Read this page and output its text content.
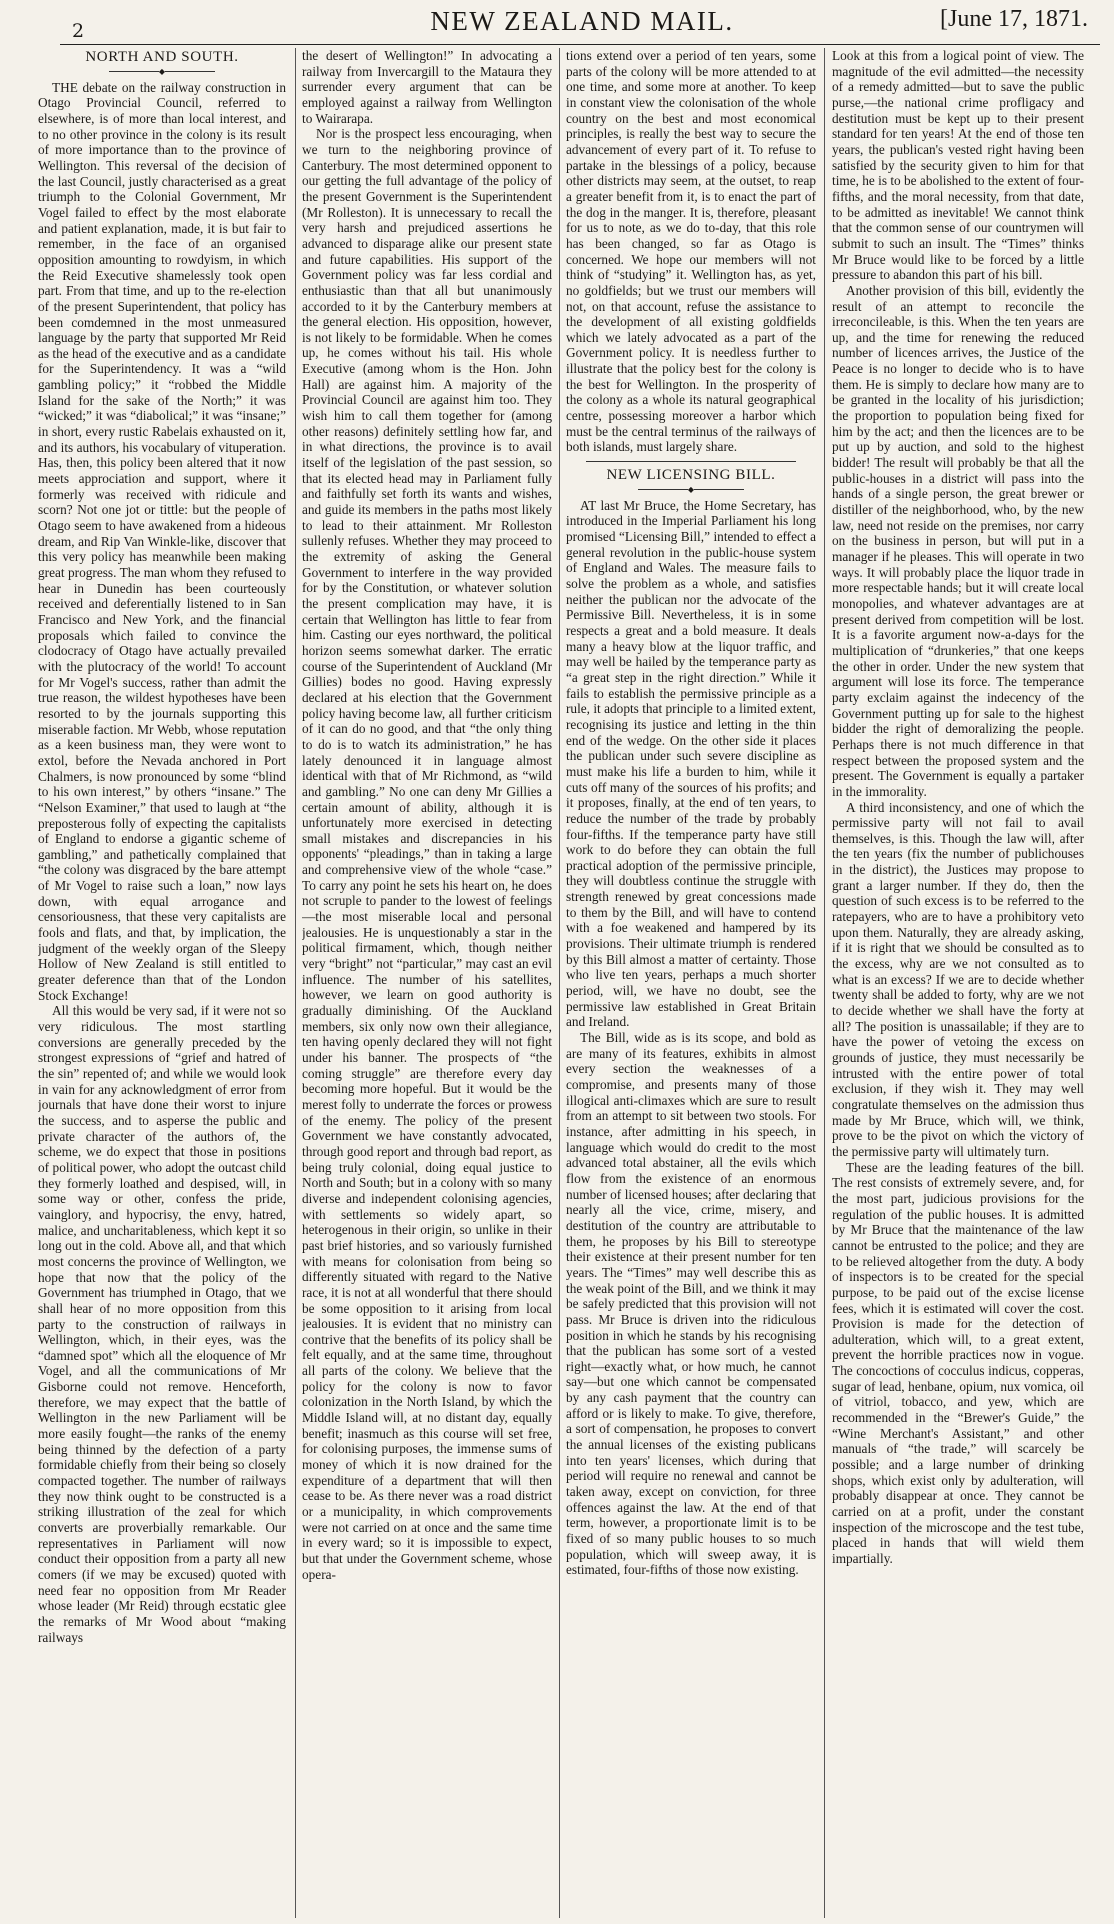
2	NEW ZEALAND MAIL.	[June 17, 1871.
NORTH AND SOUTH.
◆

THE debate on the railway construction in Otago Provincial Council, referred to elsewhere, is of more than local interest, and to no other province in the colony is its result of more importance than to the province of Wellington. This reversal of the decision of the last Council, justly characterised as a great triumph to the Colonial Government, Mr Vogel failed to effect by the most elaborate and patient explanation, made, it is but fair to remember, in the face of an organised opposition amounting to rowdyism, in which the Reid Executive shamelessly took open part. From that time, and up to the re-election of the present Superintendent, that policy has been comdemned in the most unmeasured language by the party that supported Mr Reid as the head of the executive and as a candidate for the Superintendency. It was a “wild gambling policy;” it “robbed the Middle Island for the sake of the North;” it was “wicked;” it was “diabolical;” it was “insane;” in short, every rustic Rabelais exhausted on it, and its authors, his vocabulary of vituperation. Has, then, this policy been altered that it now meets approciation and support, where it formerly was received with ridicule and scorn? Not one jot or tittle: but the people of Otago seem to have awakened from a hideous dream, and Rip Van Winkle-like, discover that this very policy has meanwhile been making great progress. The man whom they refused to hear in Dunedin has been courteously received and deferentially listened to in San Francisco and New York, and the financial proposals which failed to convince the clodocracy of Otago have actually prevailed with the plutocracy of the world! To account for Mr Vogel's success, rather than admit the true reason, the wildest hypotheses have been resorted to by the journals supporting this miserable faction. Mr Webb, whose reputation as a keen business man, they were wont to extol, before the Nevada anchored in Port Chalmers, is now pronounced by some “blind to his own interest,” by others “insane.” The “Nelson Examiner,” that used to laugh at “the preposterous folly of expecting the capitalists of England to endorse a gigantic scheme of gambling,” and pathetically complained that “the colony was disgraced by the bare attempt of Mr Vogel to raise such a loan,” now lays down, with equal arrogance and censoriousness, that these very capitalists are fools and flats, and that, by implication, the judgment of the weekly organ of the Sleepy Hollow of New Zealand is still entitled to greater deference than that of the London Stock Exchange!

All this would be very sad, if it were not so very ridiculous. The most startling conversions are generally preceded by the strongest expressions of “grief and hatred of the sin” repented of; and while we would look in vain for any acknowledgment of error from journals that have done their worst to injure the success, and to asperse the public and private character of the authors of, the scheme, we do expect that those in positions of political power, who adopt the outcast child they formerly loathed and despised, will, in some way or other, confess the pride, vainglory, and hypocrisy, the envy, hatred, malice, and uncharitableness, which kept it so long out in the cold. Above all, and that which most concerns the province of Wellington, we hope that now that the policy of the Government has triumphed in Otago, that we shall hear of no more opposition from this party to the construction of railways in Wellington, which, in their eyes, was the “damned spot” which all the eloquence of Mr Vogel, and all the communications of Mr Gisborne could not remove. Henceforth, therefore, we may expect that the battle of Wellington in the new Parliament will be more easily fought—the ranks of the enemy being thinned by the defection of a party formidable chiefly from their being so closely compacted together. The number of railways they now think ought to be constructed is a striking illustration of the zeal for which converts are proverbially remarkable. Our representatives in Parliament will now conduct their opposition from a party all new comers (if we may be excused) quoted with need fear no opposition from Mr Reader whose leader (Mr Reid) through ecstatic glee the remarks of Mr Wood about “making railways

the desert of Wellington!” In advocating a railway from Invercargill to the Mataura they surrender every argument that can be employed against a railway from Wellington to Wairarapa.

Nor is the prospect less encouraging, when we turn to the neighboring province of Canterbury. The most determined opponent to our getting the full advantage of the policy of the present Government is the Superintendent (Mr Rolleston). It is unnecessary to recall the very harsh and prejudiced assertions he advanced to disparage alike our present state and future capabilities. His support of the Government policy was far less cordial and enthusiastic than that all but unanimously accorded to it by the Canterbury members at the general election. His opposition, however, is not likely to be formidable. When he comes up, he comes without his tail. His whole Executive (among whom is the Hon. John Hall) are against him. A majority of the Provincial Council are against him too. They wish him to call them together for (among other reasons) definitely settling how far, and in what directions, the province is to avail itself of the legislation of the past session, so that its elected head may in Parliament fully and faithfully set forth its wants and wishes, and guide its members in the paths most likely to lead to their attainment. Mr Rolleston sullenly refuses. Whether they may proceed to the extremity of asking the General Government to interfere in the way provided for by the Constitution, or whatever solution the present complication may have, it is certain that Wellington has little to fear from him. Casting our eyes northward, the political horizon seems somewhat darker. The erratic course of the Superintendent of Auckland (Mr Gillies) bodes no good. Having expressly declared at his election that the Government policy having become law, all further criticism of it can do no good, and that “the only thing to do is to watch its administration,” he has lately denounced it in language almost identical with that of Mr Richmond, as “wild and gambling.” No one can deny Mr Gillies a certain amount of ability, although it is unfortunately more exercised in detecting small mistakes and discrepancies in his opponents' “pleadings,” than in taking a large and comprehensive view of the whole “case.” To carry any point he sets his heart on, he does not scruple to pander to the lowest of feelings—the most miserable local and personal jealousies. He is unquestionably a star in the political firmament, which, though neither very “bright” not “particular,” may cast an evil influence. The number of his satellites, however, we learn on good authority is gradually diminishing. Of the Auckland members, six only now own their allegiance, ten having openly declared they will not fight under his banner. The prospects of “the coming struggle” are therefore every day becoming more hopeful. But it would be the merest folly to underrate the forces or prowess of the enemy. The policy of the present Government we have constantly advocated, through good report and through bad report, as being truly colonial, doing equal justice to North and South; but in a colony with so many diverse and independent colonising agencies, with settlements so widely apart, so heterogenous in their origin, so unlike in their past brief histories, and so variously furnished with means for colonisation from being so differently situated with regard to the Native race, it is not at all wonderful that there should be some opposition to it arising from local jealousies. It is evident that no ministry can contrive that the benefits of its policy shall be felt equally, and at the same time, throughout all parts of the colony. We believe that the policy for the colony is now to favor colonization in the North Island, by which the Middle Island will, at no distant day, equally benefit; inasmuch as this course will set free, for colonising purposes, the immense sums of money of which it is now drained for the expenditure of a department that will then cease to be. As there never was a road district or a municipality, in which comprovements were not carried on at once and the same time in every ward; so it is impossible to expect, but that under the Government scheme, whose opera-

tions extend over a period of ten years, some parts of the colony will be more attended to at one time, and some more at another. To keep in constant view the colonisation of the whole country on the best and most economical principles, is really the best way to secure the advancement of every part of it. To refuse to partake in the blessings of a policy, because other districts may seem, at the outset, to reap a greater benefit from it, is to enact the part of the dog in the manger. It is, therefore, pleasant for us to note, as we do to-day, that this role has been changed, so far as Otago is concerned. We hope our members will not think of “studying” it. Wellington has, as yet, no goldfields; but we trust our members will not, on that account, refuse the assistance to the development of all existing goldfields which we lately advocated as a part of the Government policy. It is needless further to illustrate that the policy best for the colony is the best for Wellington. In the prosperity of the colony as a whole its natural geographical centre, possessing moreover a harbor which must be the central terminus of the railways of both islands, must largely share.

NEW LICENSING BILL.
◆

AT last Mr Bruce, the Home Secretary, has introduced in the Imperial Parliament his long promised “Licensing Bill,” intended to effect a general revolution in the public-house system of England and Wales. The measure fails to solve the problem as a whole, and satisfies neither the publican nor the advocate of the Permissive Bill. Nevertheless, it is in some respects a great and a bold measure. It deals many a heavy blow at the liquor traffic, and may well be hailed by the temperance party as “a great step in the right direction.” While it fails to establish the permissive principle as a rule, it adopts that principle to a limited extent, recognising its justice and letting in the thin end of the wedge. On the other side it places the publican under such severe discipline as must make his life a burden to him, while it cuts off many of the sources of his profits; and it proposes, finally, at the end of ten years, to reduce the number of the trade by probably four-fifths. If the temperance party have still work to do before they can obtain the full practical adoption of the permissive principle, they will doubtless continue the struggle with strength renewed by great concessions made to them by the Bill, and will have to contend with a foe weakened and hampered by its provisions. Their ultimate triumph is rendered by this Bill almost a matter of certainty. Those who live ten years, perhaps a much shorter period, will, we have no doubt, see the permissive law established in Great Britain and Ireland.

The Bill, wide as is its scope, and bold as are many of its features, exhibits in almost every section the weaknesses of a compromise, and presents many of those illogical anti-climaxes which are sure to result from an attempt to sit between two stools. For instance, after admitting in his speech, in language which would do credit to the most advanced total abstainer, all the evils which flow from the existence of an enormous number of licensed houses; after declaring that nearly all the vice, crime, misery, and destitution of the country are attributable to them, he proposes by his Bill to stereotype their existence at their present number for ten years. The “Times” may well describe this as the weak point of the Bill, and we think it may be safely predicted that this provision will not pass. Mr Bruce is driven into the ridiculous position in which he stands by his recognising that the publican has some sort of a vested right—exactly what, or how much, he cannot say—but one which cannot be compensated by any cash payment that the country can afford or is likely to make. To give, therefore, a sort of compensation, he proposes to convert the annual licenses of the existing publicans into ten years' licenses, which during that period will require no renewal and cannot be taken away, except on conviction, for three offences against the law. At the end of that term, however, a proportionate limit is to be fixed of so many public houses to so much population, which will sweep away, it is estimated, four-fifths of those now existing.

Look at this from a logical point of view. The magnitude of the evil admitted—the necessity of a remedy admitted—but to save the public purse,—the national crime profligacy and destitution must be kept up to their present standard for ten years! At the end of those ten years, the publican's vested right having been satisfied by the security given to him for that time, he is to be abolished to the extent of four-fifths, and the moral necessity, from that date, to be admitted as inevitable! We cannot think that the common sense of our countrymen will submit to such an insult. The “Times” thinks Mr Bruce would like to be forced by a little pressure to abandon this part of his bill.

Another provision of this bill, evidently the result of an attempt to reconcile the irreconcileable, is this. When the ten years are up, and the time for renewing the reduced number of licences arrives, the Justice of the Peace is no longer to decide who is to have them. He is simply to declare how many are to be granted in the locality of his jurisdiction; the proportion to population being fixed for him by the act; and then the licences are to be put up by auction, and sold to the highest bidder! The result will probably be that all the public-houses in a district will pass into the hands of a single person, the great brewer or distiller of the neighborhood, who, by the new law, need not reside on the premises, nor carry on the business in person, but will put in a manager if he pleases. This will operate in two ways. It will probably place the liquor trade in more respectable hands; but it will create local monopolies, and whatever advantages are at present derived from competition will be lost. It is a favorite argument now-a-days for the multiplication of “drunkeries,” that one keeps the other in order. Under the new system that argument will lose its force. The temperance party exclaim against the indecency of the Government putting up for sale to the highest bidder the right of demoralizing the people. Perhaps there is not much difference in that respect between the proposed system and the present. The Government is equally a partaker in the immorality.

A third inconsistency, and one of which the permissive party will not fail to avail themselves, is this. Though the law will, after the ten years (fix the number of publichouses in the district), the Justices may propose to grant a larger number. If they do, then the question of such excess is to be referred to the ratepayers, who are to have a prohibitory veto upon them. Naturally, they are already asking, if it is right that we should be consulted as to the excess, why are we not consulted as to what is an excess? If we are to decide whether twenty shall be added to forty, why are we not to decide whether we shall have the forty at all? The position is unassailable; if they are to have the power of vetoing the excess on grounds of justice, they must necessarily be intrusted with the entire power of total exclusion, if they wish it. They may well congratulate themselves on the admission thus made by Mr Bruce, which will, we think, prove to be the pivot on which the victory of the permissive party will ultimately turn.

These are the leading features of the bill. The rest consists of extremely severe, and, for the most part, judicious provisions for the regulation of the public houses. It is admitted by Mr Bruce that the maintenance of the law cannot be entrusted to the police; and they are to be relieved altogether from the duty. A body of inspectors is to be created for the special purpose, to be paid out of the excise license fees, which it is estimated will cover the cost. Provision is made for the detection of adulteration, which will, to a great extent, prevent the horrible practices now in vogue. The concoctions of cocculus indicus, copperas, sugar of lead, henbane, opium, nux vomica, oil of vitriol, tobacco, and yew, which are recommended in the “Brewer's Guide,” the “Wine Merchant's Assistant,” and other manuals of “the trade,” will scarcely be possible; and a large number of drinking shops, which exist only by adulteration, will probably disappear at once. They cannot be carried on at a profit, under the constant inspection of the microscope and the test tube, placed in hands that will wield them impartially.
